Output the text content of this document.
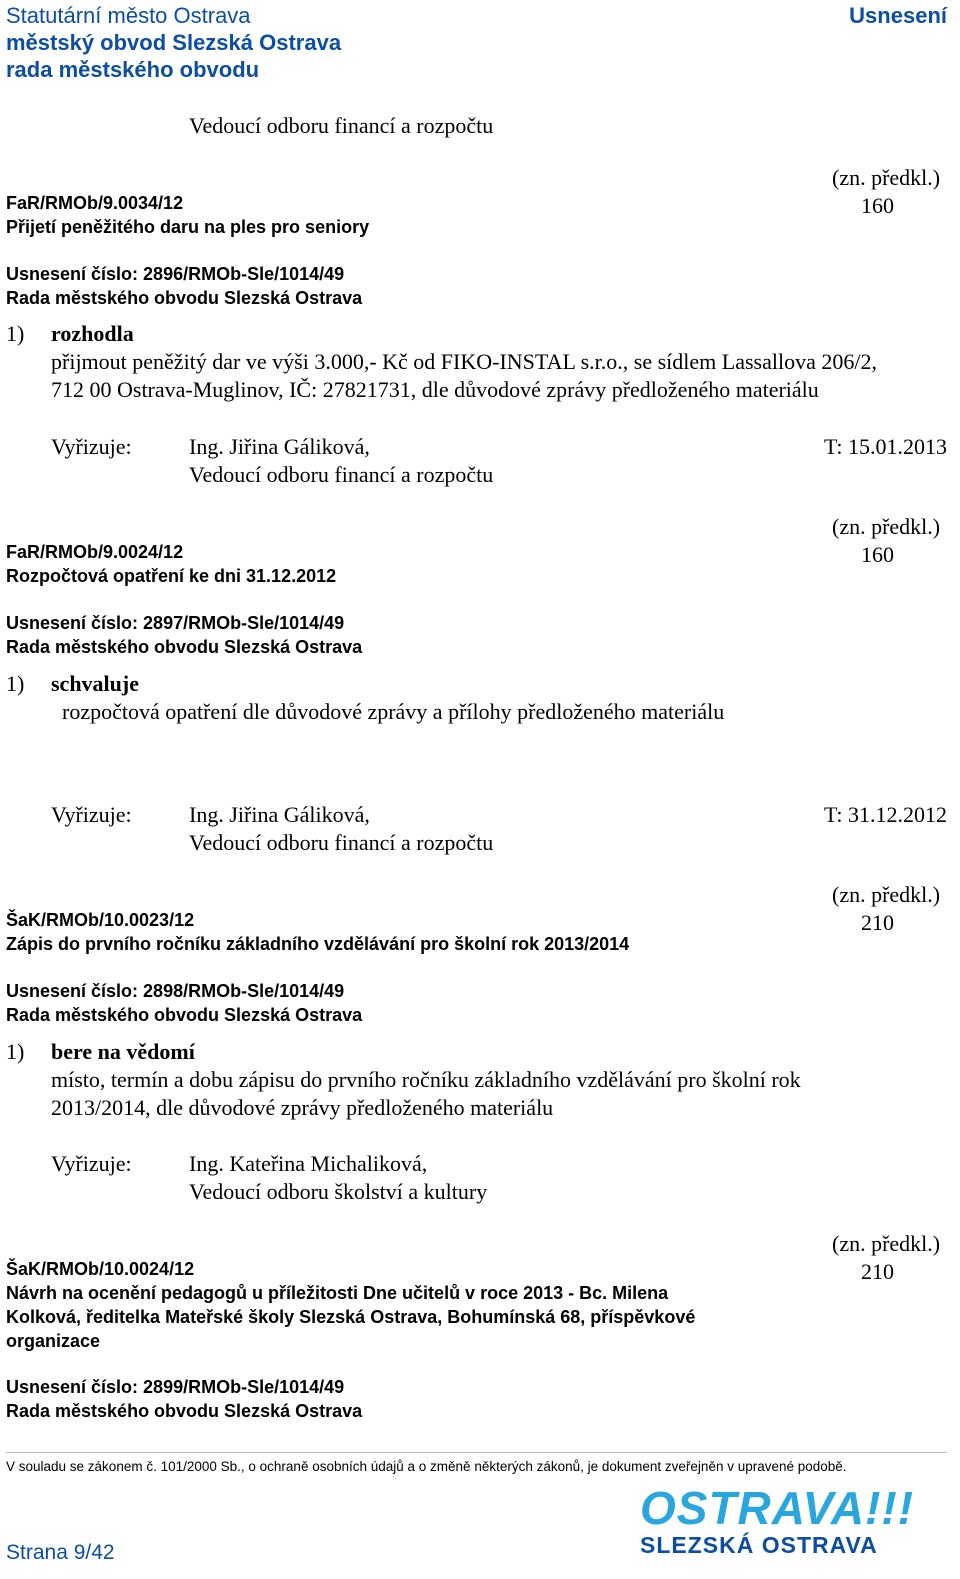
Statutární město Ostrava
městský obvod Slezská Ostrava
rada městského obvodu
Usnesení
Vedoucí odboru financí a rozpočtu
(zn. předkl.)
160
FaR/RMOb/9.0034/12
Přijetí peněžitého daru na ples pro seniory
Usnesení číslo: 2896/RMOb-Sle/1014/49
Rada městského obvodu Slezská Ostrava
1) rozhodla
přijmout peněžitý dar ve výši 3.000,- Kč od FIKO-INSTAL s.r.o., se sídlem Lassallova 206/2,
712 00 Ostrava-Muglinov, IČ: 27821731, dle důvodové zprávy předloženého materiálu
Vyřizuje:	Ing. Jiřina Gáliková,	T: 15.01.2013
Vedoucí odboru financí a rozpočtu
(zn. předkl.)
160
FaR/RMOb/9.0024/12
Rozpočtová opatření ke dni 31.12.2012
Usnesení číslo: 2897/RMOb-Sle/1014/49
Rada městského obvodu Slezská Ostrava
1) schvaluje
rozpočtová opatření dle důvodové zprávy a přílohy předloženého materiálu
Vyřizuje:	Ing. Jiřina Gáliková,	T: 31.12.2012
Vedoucí odboru financí a rozpočtu
(zn. předkl.)
210
ŠaK/RMOb/10.0023/12
Zápis do prvního ročníku základního vzdělávání pro školní rok 2013/2014
Usnesení číslo: 2898/RMOb-Sle/1014/49
Rada městského obvodu Slezská Ostrava
1) bere na vědomí
místo, termín a dobu zápisu do prvního ročníku základního vzdělávání pro školní rok
2013/2014, dle důvodové zprávy předloženého materiálu
Vyřizuje:	Ing. Kateřina Michaliková,
Vedoucí odboru školství a kultury
(zn. předkl.)
210
ŠaK/RMOb/10.0024/12
Návrh na ocenění pedagogů u příležitosti Dne učitelů v roce 2013 - Bc. Milena
Kolková, ředitelka Mateřské školy Slezská Ostrava, Bohumínská 68, příspěvkové
organizace
Usnesení číslo: 2899/RMOb-Sle/1014/49
Rada městského obvodu Slezská Ostrava
V souladu se zákonem č. 101/2000 Sb., o ochraně osobních údajů a o změně některých zákonů, je dokument zveřejněn v upravené podobě.
Strana 9/42
OSTRAVA!!!
SLEZSKÁ OSTRAVA
